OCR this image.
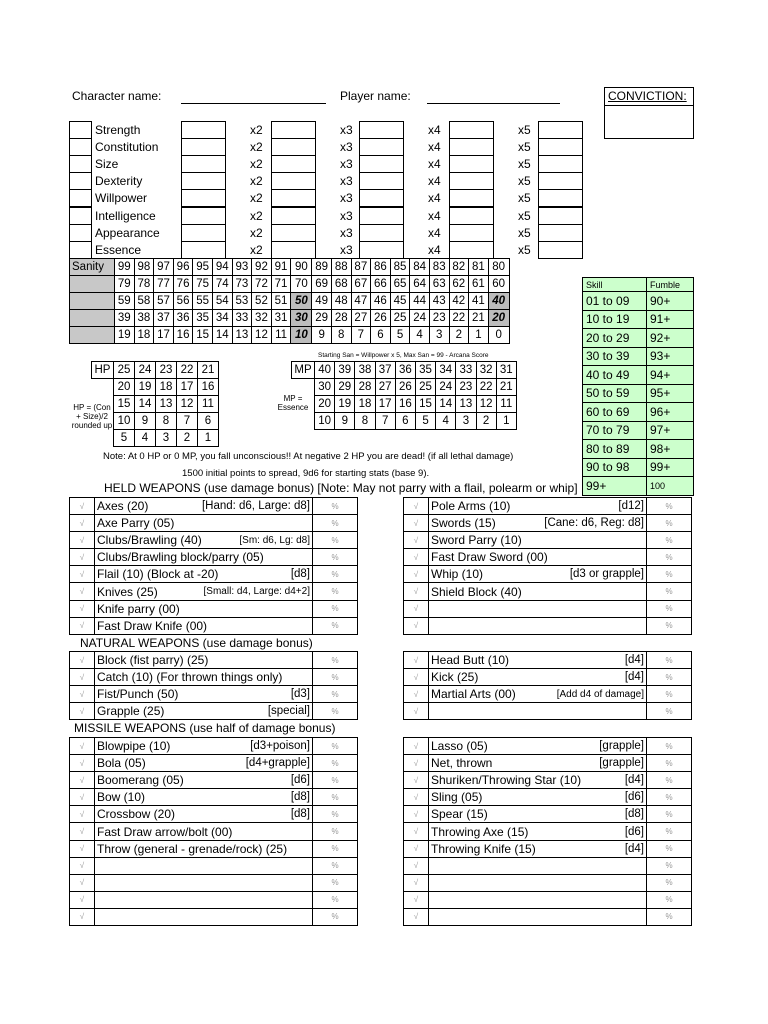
Character name:	Player name:	CONVICTION:
Strength	x2	x3	x4	x5
Constitution	x2	x3	x4	x5
Size	x2	x3	x4	x5
Dexterity	x2	x3	x4	x5
Willpower	x2	x3	x4	x5
Intelligence	x2	x3	x4	x5
Appearance	x2	x3	x4	x5
Essence	x2	x3	x4	x5
Sanity	99	98	97	96	95	94	93	92	91	90	89	88	87	86	85	84	83	82	81	80
	79	78	77	76	75	74	73	72	71	70	69	68	67	66	65	64	63	62	61	60
	59	58	57	56	55	54	53	52	51	50	49	48	47	46	45	44	43	42	41	40
	39	38	37	36	35	34	33	32	31	30	29	28	27	26	25	24	23	22	21	20
	19	18	17	16	15	14	13	12	11	10	9	8	7	6	5	4	3	2	1	0
Starting San = Willpower x 5, Max San = 99 - Arcana Score
Skill	Fumble
01 to 09	90+
10 to 19	91+
20 to 29	92+
30 to 39	93+
40 to 49	94+
50 to 59	95+
60 to 69	96+
70 to 79	97+
80 to 89	98+
90 to 98	99+
99+	100
HP	25	24	23	22	21
	20	19	18	17	16
	15	14	13	12	11
	10	9	8	7	6
	5	4	3	2	1
HP = (Con
+ Size)/2
rounded up
MP	40	39	38	37	36	35	34	33	32	31
	30	29	28	27	26	25	24	23	22	21
	20	19	18	17	16	15	14	13	12	11
	10	9	8	7	6	5	4	3	2	1
MP =
Essence
Note: At 0 HP or 0 MP, you fall unconscious!! At negative 2 HP you are dead! (if all lethal damage)
1500 initial points to spread, 9d6 for starting stats (base 9).
HELD WEAPONS (use damage bonus) [Note: May not parry with a flail, polearm or whip]
√	Axes (20) [Hand: d6, Large: d8]	%
√	Axe Parry (05)	%
√	Clubs/Brawling (40) [Sm: d6, Lg: d8]	%
√	Clubs/Brawling block/parry (05)	%
√	Flail (10) (Block at -20) [d8]	%
√	Knives (25) [Small: d4, Large: d4+2]	%
√	Knife parry (00)	%
√	Fast Draw Knife (00)	%
√	Pole Arms (10) [d12]	%
√	Swords (15) [Cane: d6, Reg: d8]	%
√	Sword Parry (10)	%
√	Fast Draw Sword (00)	%
√	Whip (10) [d3 or grapple]	%
√	Shield Block (40)	%
√		%
√		%
NATURAL WEAPONS (use damage bonus)
√	Block (fist parry) (25)	%
√	Catch (10) (For thrown things only)	%
√	Fist/Punch (50) [d3]	%
√	Grapple (25) [special]	%
√	Head Butt (10) [d4]	%
√	Kick (25) [d4]	%
√	Martial Arts (00) [Add d4 of damage]	%
√		%
MISSILE WEAPONS (use half of damage bonus)
√	Blowpipe (10) [d3+poison]	%
√	Bola (05) [d4+grapple]	%
√	Boomerang (05) [d6]	%
√	Bow (10) [d8]	%
√	Crossbow (20) [d8]	%
√	Fast Draw arrow/bolt (00)	%
√	Throw (general - grenade/rock) (25)	%
√		%
√		%
√		%
√		%
√	Lasso (05) [grapple]	%
√	Net, thrown [grapple]	%
√	Shuriken/Throwing Star (10) [d4]	%
√	Sling (05) [d6]	%
√	Spear (15) [d8]	%
√	Throwing Axe (15) [d6]	%
√	Throwing Knife (15) [d4]	%
√		%
√		%
√		%
√		%
